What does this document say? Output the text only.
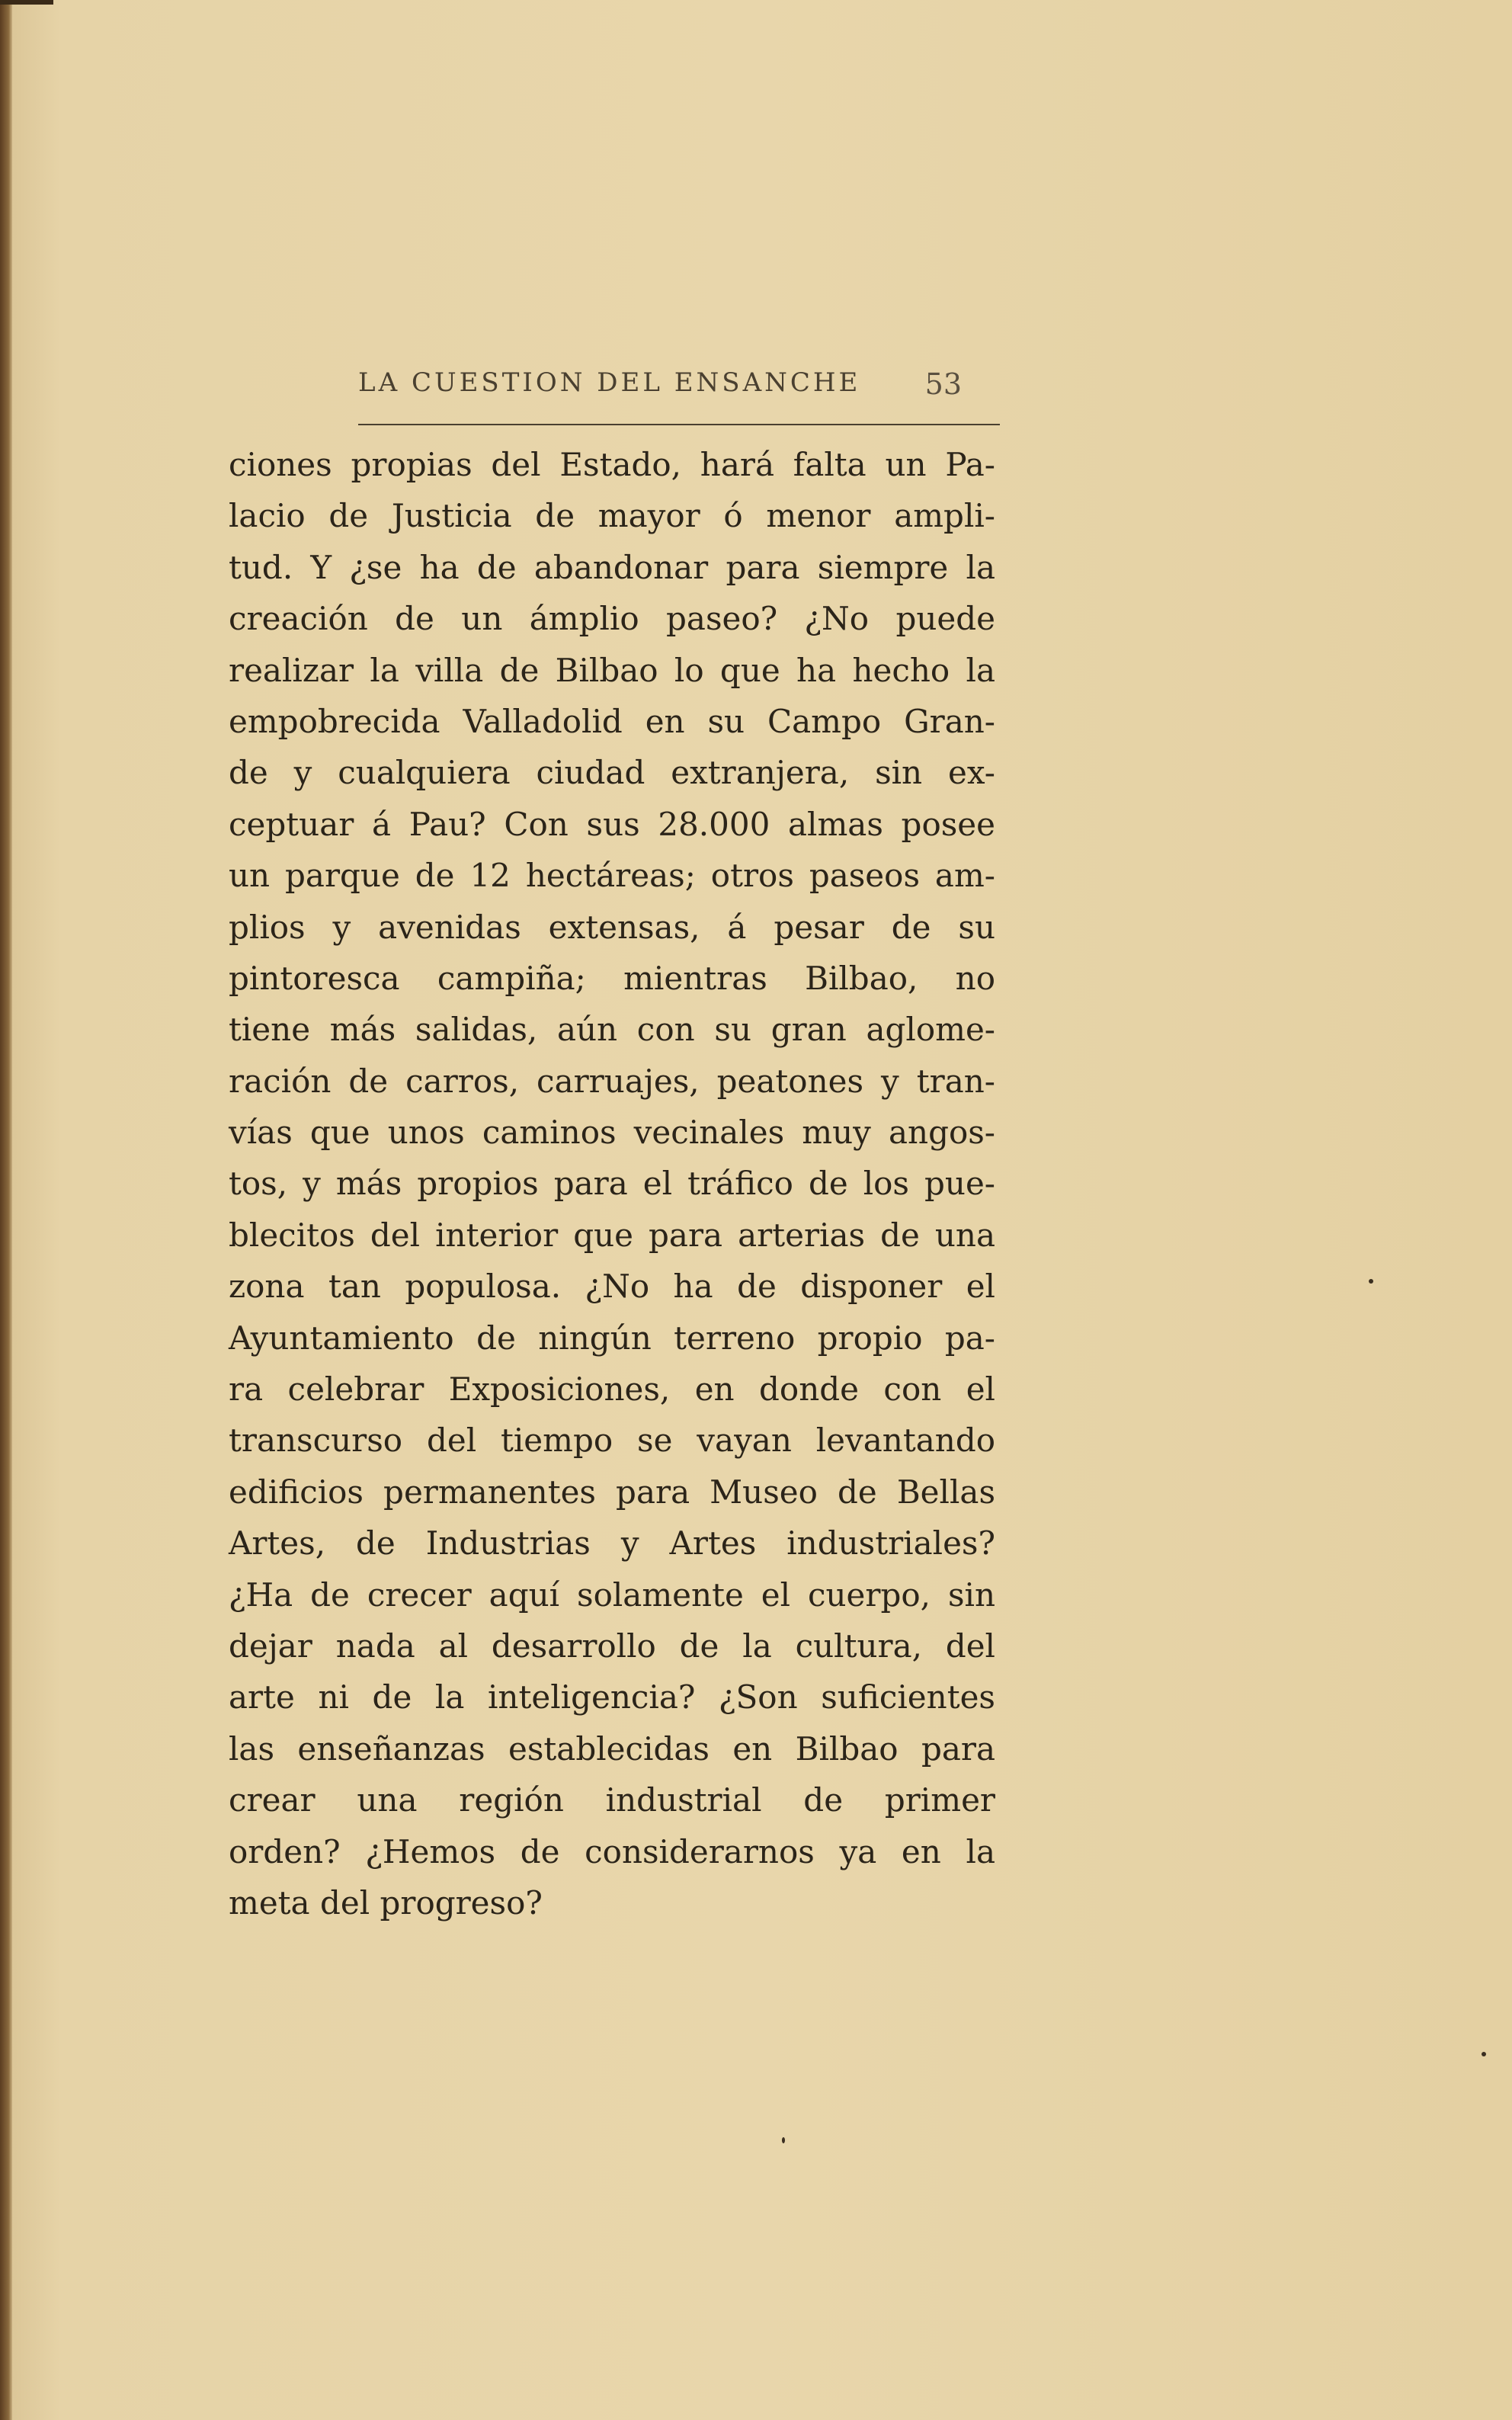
LA CUESTION DEL ENSANCHE 53
ciones propias del Estado, hará falta un Pa-
lacio de Justicia de mayor ó menor ampli-
tud. Y ¿se ha de abandonar para siempre la
creación de un ámplio paseo? ¿No puede
realizar la villa de Bilbao lo que ha hecho la
empobrecida Valladolid en su Campo Gran-
de y cualquiera ciudad extranjera, sin ex-
ceptuar á Pau? Con sus 28.000 almas posee
un parque de 12 hectáreas; otros paseos am-
plios y avenidas extensas, á pesar de su
pintoresca campiña; mientras Bilbao, no
tiene más salidas, aún con su gran aglome-
ración de carros, carruajes, peatones y tran-
vías que unos caminos vecinales muy angos-
tos, y más propios para el tráfico de los pue-
blecitos del interior que para arterias de una
zona tan populosa. ¿No ha de disponer el
Ayuntamiento de ningún terreno propio pa-
ra celebrar Exposiciones, en donde con el
transcurso del tiempo se vayan levantando
edificios permanentes para Museo de Bellas
Artes, de Industrias y Artes industriales?
¿Ha de crecer aquí solamente el cuerpo, sin
dejar nada al desarrollo de la cultura, del
arte ni de la inteligencia? ¿Son suficientes
las enseñanzas establecidas en Bilbao para
crear una región industrial de primer
orden? ¿Hemos de considerarnos ya en la
meta del progreso?
